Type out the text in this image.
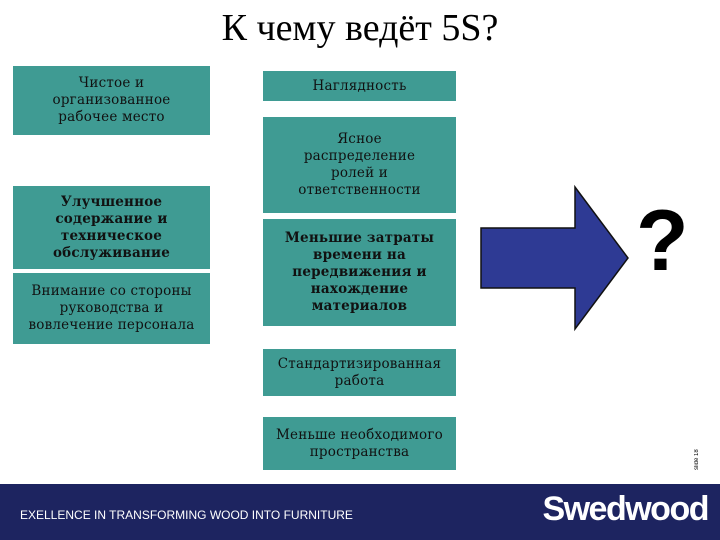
К чему ведёт 5S?
Чистое и
организованное
рабочее место
Улучшенное
содержание и
техническое
обслуживание
Внимание со стороны
руководства и
вовлечение персонала
Наглядность
Ясное
распределение
ролей и
ответственности
Меньшие затраты
времени на
передвижения и
нахождение
материалов
Стандартизированная
работа
Меньше необходимого
пространства
?
slide 18
EXELLENCE IN TRANSFORMING WOOD INTO FURNITURE	Swedwood
